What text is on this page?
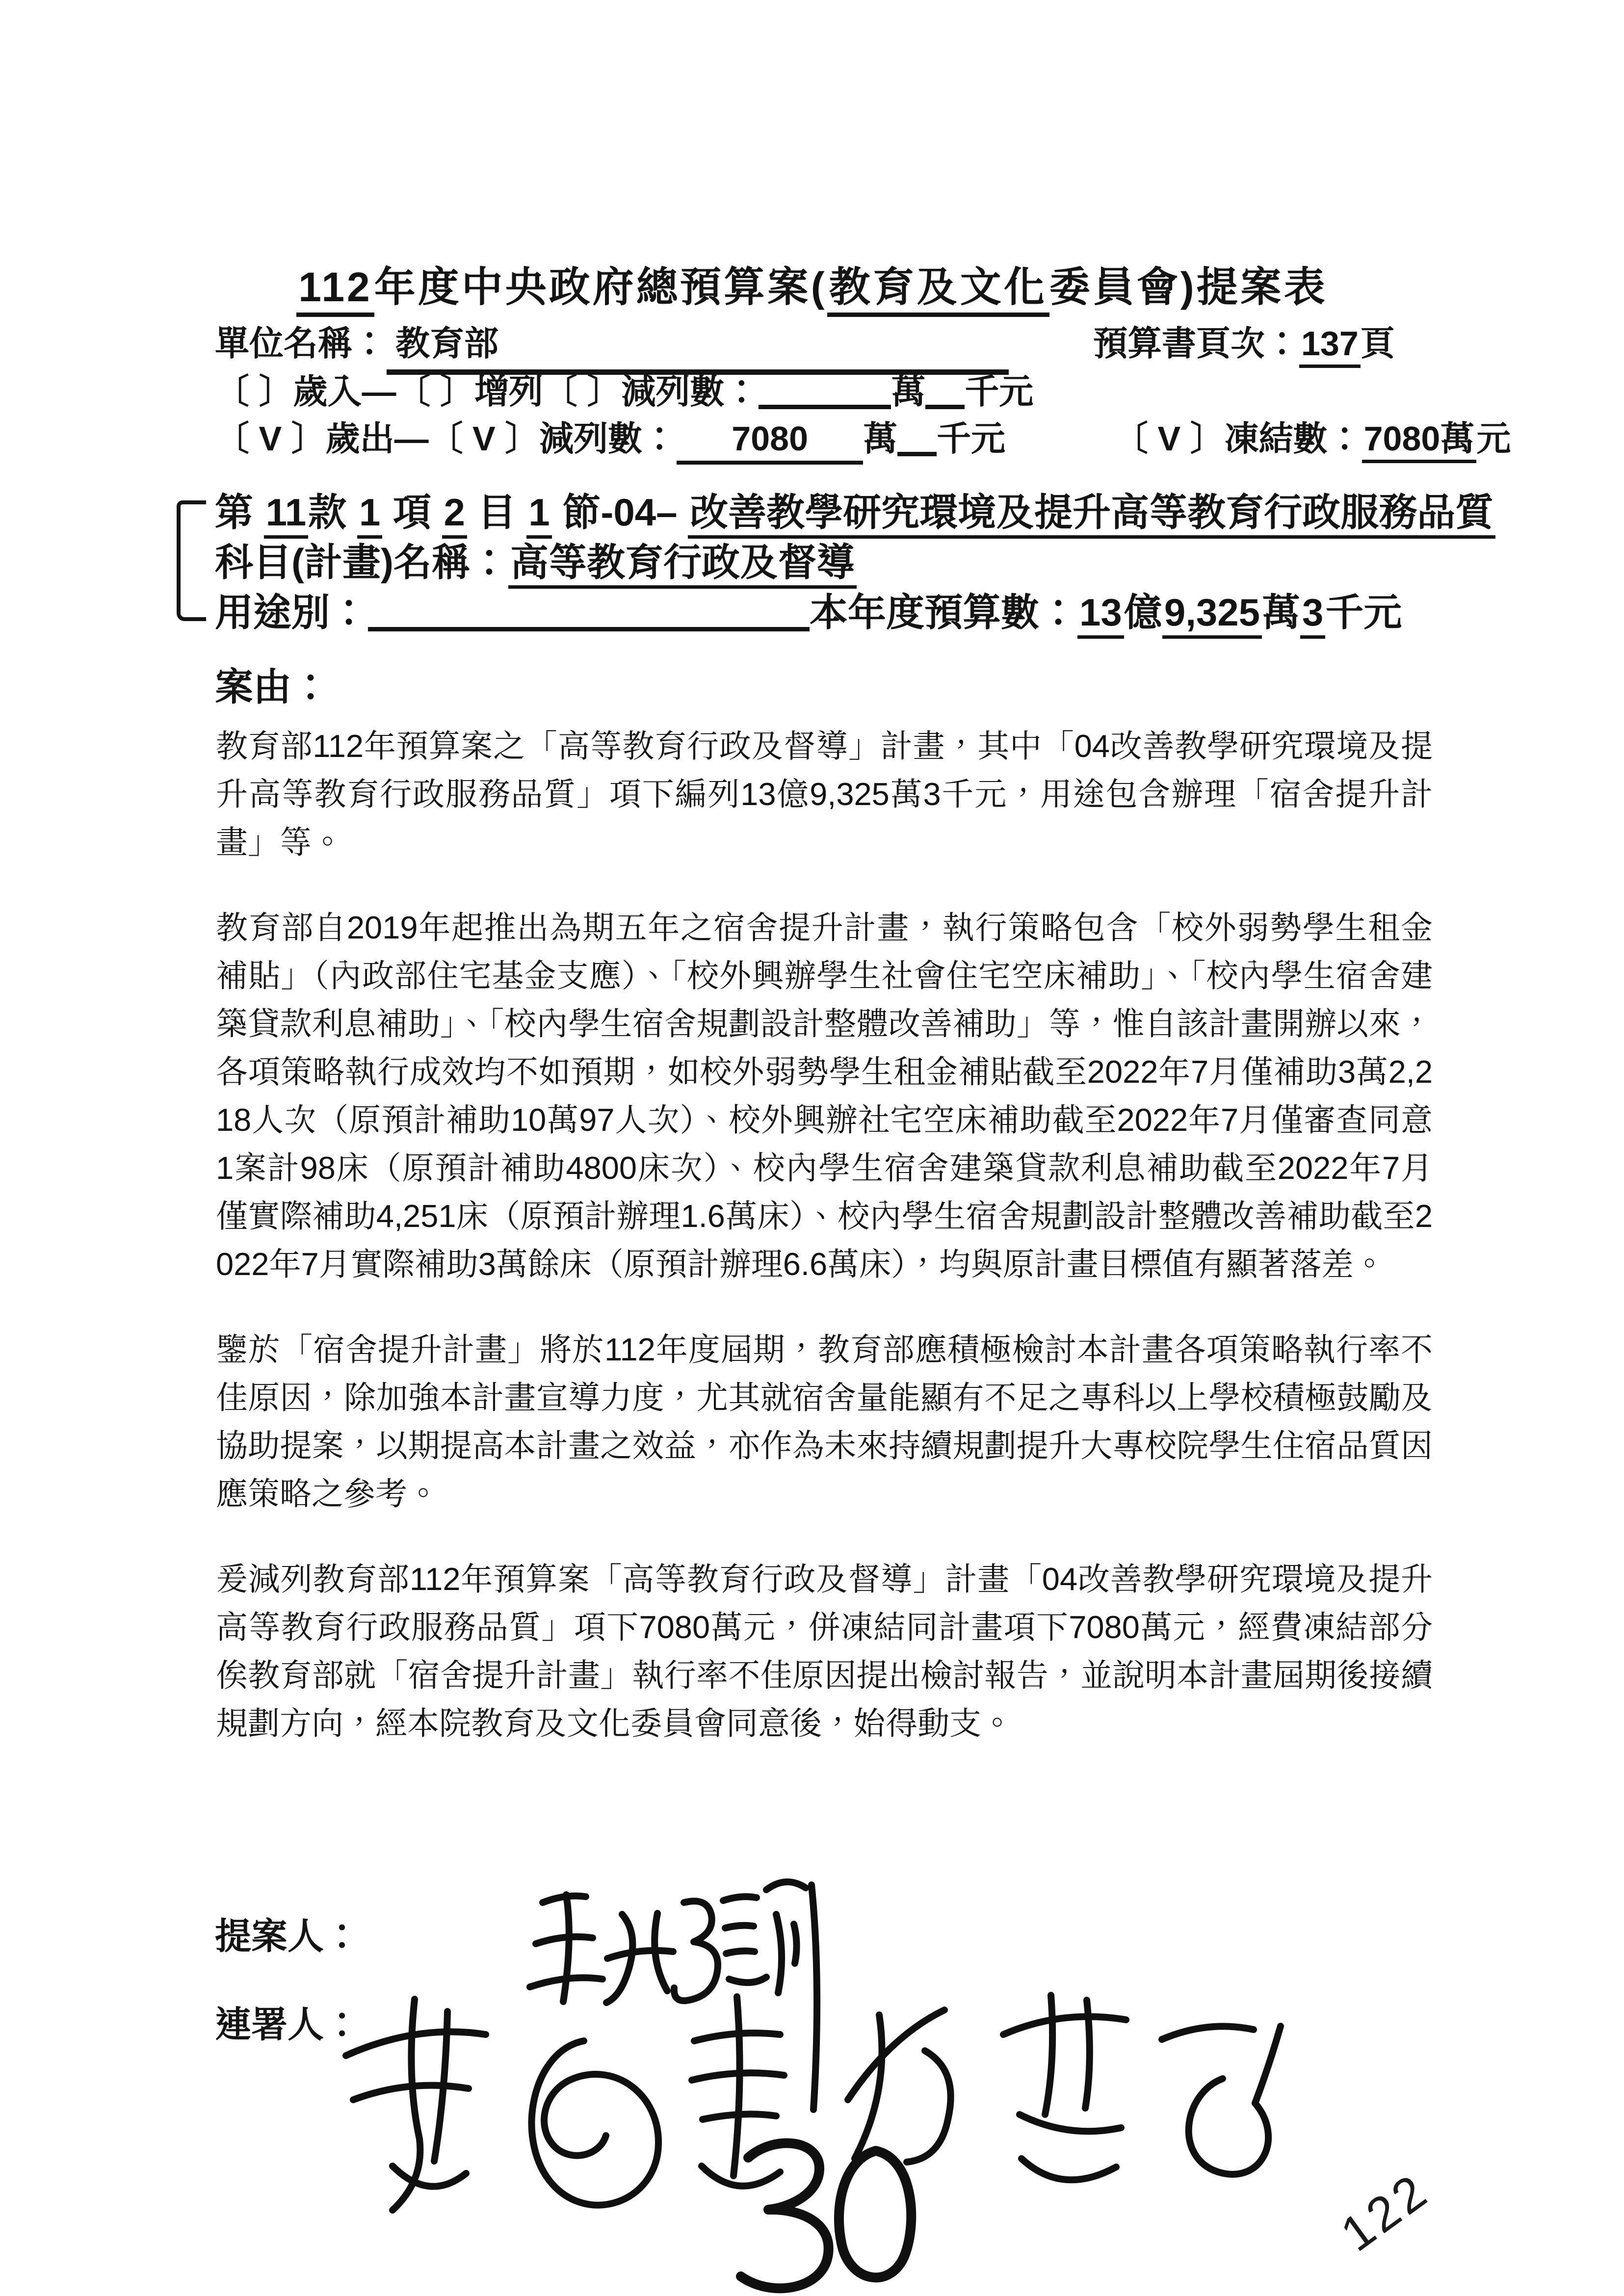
112年度中央政府總預算案(教育及文化委員會)提案表
單位名稱： 教育部	預算書頁次：137頁
〔 〕歲入—〔 〕增列〔 〕減列數：	萬 千元
〔 V 〕歲出—〔 V 〕減列數： 7080 萬 千元	〔 V 〕凍結數：7080萬元
第 11款 1 項 2 目 1 節-04– 改善教學研究環境及提升高等教育行政服務品質
科目(計畫)名稱：高等教育行政及督導
用途別：	本年度預算數：13億9,325萬3千元
案由：

教育部112年預算案之「高等教育行政及督導」計畫，其中「04改善教學研究環境及提升高等教育行政服務品質」項下編列13億9,325萬3千元，用途包含辦理「宿舍提升計畫」等。

教育部自2019年起推出為期五年之宿舍提升計畫，執行策略包含「校外弱勢學生租金補貼」（內政部住宅基金支應）、「校外興辦學生社會住宅空床補助」、「校內學生宿舍建築貸款利息補助」、「校內學生宿舍規劃設計整體改善補助」等，惟自該計畫開辦以來，各項策略執行成效均不如預期，如校外弱勢學生租金補貼截至2022年7月僅補助3萬2,218人次（原預計補助10萬97人次）、校外興辦社宅空床補助截至2022年7月僅審查同意1案計98床（原預計補助4800床次）、校內學生宿舍建築貸款利息補助截至2022年7月僅實際補助4,251床（原預計辦理1.6萬床）、校內學生宿舍規劃設計整體改善補助截至2022年7月實際補助3萬餘床（原預計辦理6.6萬床），均與原計畫目標值有顯著落差。

鑒於「宿舍提升計畫」將於112年度屆期，教育部應積極檢討本計畫各項策略執行率不佳原因，除加強本計畫宣導力度，尤其就宿舍量能顯有不足之專科以上學校積極鼓勵及協助提案，以期提高本計畫之效益，亦作為未來持續規劃提升大專校院學生住宿品質因應策略之參考。

爰減列教育部112年預算案「高等教育行政及督導」計畫「04改善教學研究環境及提升高等教育行政服務品質」項下7080萬元，併凍結同計畫項下7080萬元，經費凍結部分俟教育部就「宿舍提升計畫」執行率不佳原因提出檢討報告，並說明本計畫屆期後接續規劃方向，經本院教育及文化委員會同意後，始得動支。

提案人：
連署人：
122
